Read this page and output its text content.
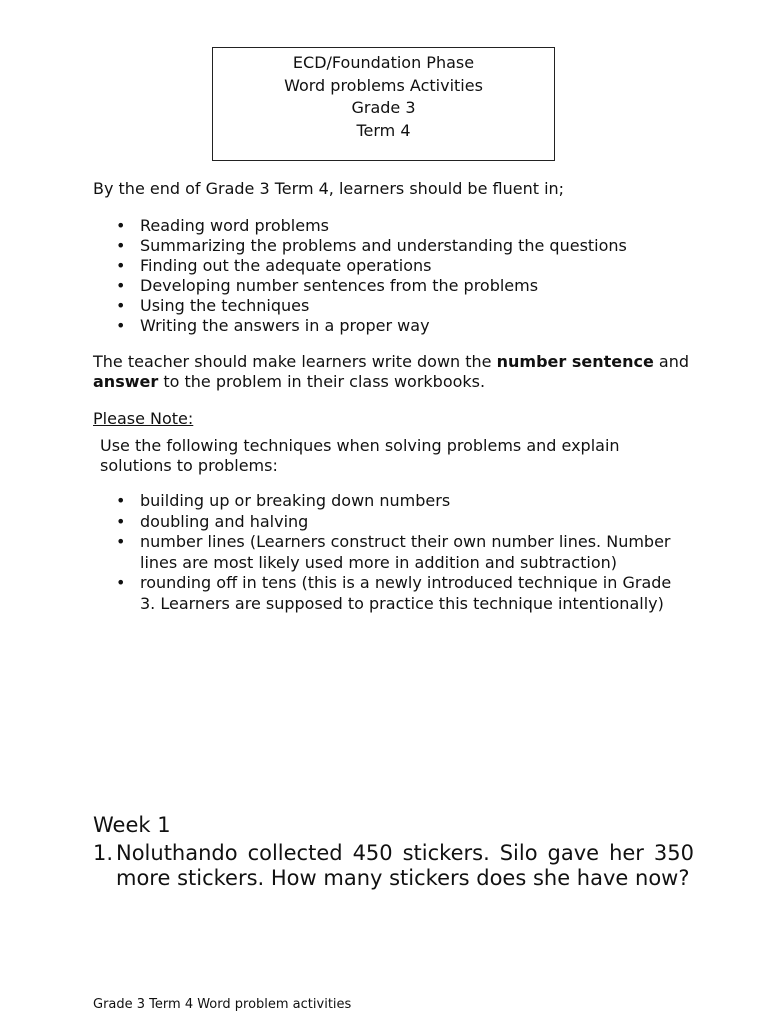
ECD/Foundation Phase
Word problems Activities
Grade 3
Term 4
By the end of Grade 3 Term 4, learners should be fluent in;
• Reading word problems
• Summarizing the problems and understanding the questions
• Finding out the adequate operations
• Developing number sentences from the problems
• Using the techniques
• Writing the answers in a proper way
The teacher should make learners write down the number sentence and answer to the problem in their class workbooks.
Please Note:
Use the following techniques when solving problems and explain solutions to problems:
• building up or breaking down numbers
• doubling and halving
• number lines (Learners construct their own number lines. Number lines are most likely used more in addition and subtraction)
• rounding off in tens (this is a newly introduced technique in Grade 3. Learners are supposed to practice this technique intentionally)
Week 1
1. Noluthando collected 450 stickers. Silo gave her 350 more stickers. How many stickers does she have now?
Grade 3 Term 4 Word problem activities
